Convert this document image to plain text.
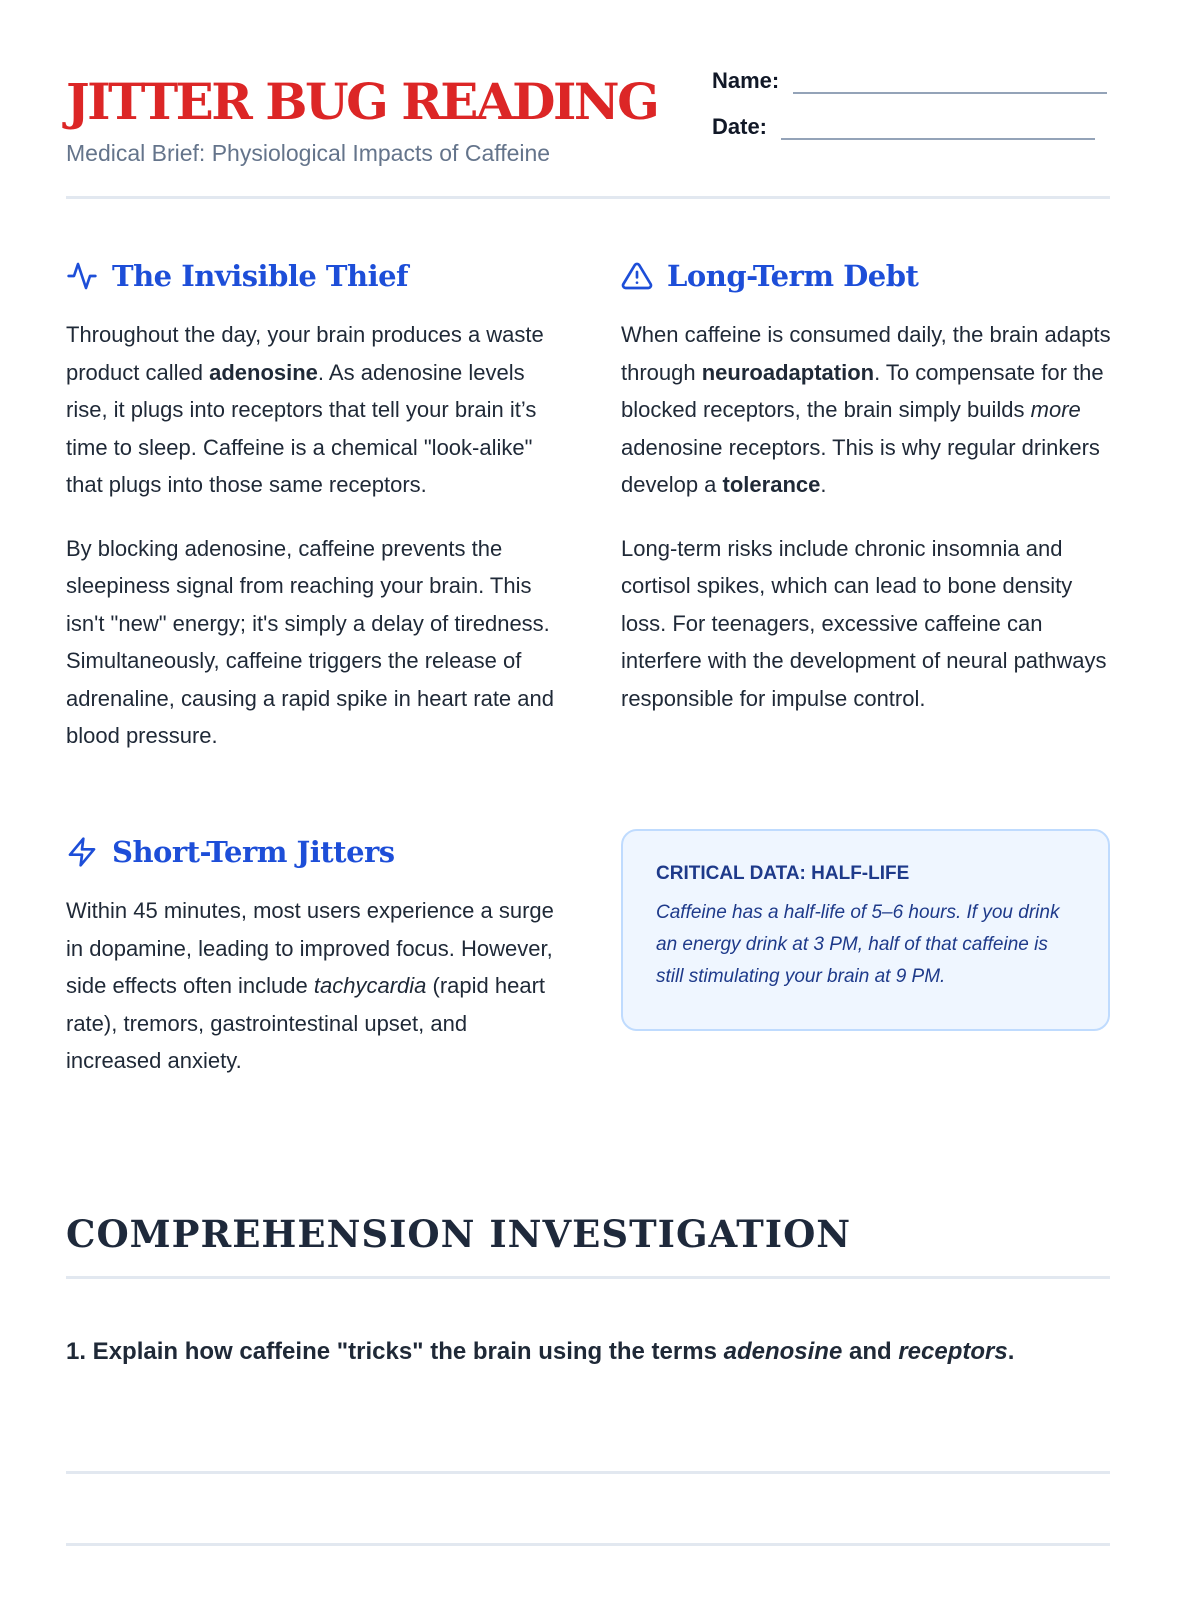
JITTER BUG READING
Medical Brief: Physiological Impacts of Caffeine
Name:
Date:
The Invisible Thief

Throughout the day, your brain produces a waste product called adenosine. As adenosine levels rise, it plugs into receptors that tell your brain it’s time to sleep. Caffeine is a chemical "look-alike" that plugs into those same receptors.

By blocking adenosine, caffeine prevents the sleepiness signal from reaching your brain. This isn't "new" energy; it's simply a delay of tiredness. Simultaneously, caffeine triggers the release of adrenaline, causing a rapid spike in heart rate and blood pressure.

Short-Term Jitters

Within 45 minutes, most users experience a surge in dopamine, leading to improved focus. However, side effects often include tachycardia (rapid heart rate), tremors, gastrointestinal upset, and increased anxiety.

Long-Term Debt

When caffeine is consumed daily, the brain adapts through neuroadaptation. To compensate for the blocked receptors, the brain simply builds more adenosine receptors. This is why regular drinkers develop a tolerance.

Long-term risks include chronic insomnia and cortisol spikes, which can lead to bone density loss. For teenagers, excessive caffeine can interfere with the development of neural pathways responsible for impulse control.

CRITICAL DATA: HALF-LIFE
Caffeine has a half-life of 5–6 hours. If you drink an energy drink at 3 PM, half of that caffeine is still stimulating your brain at 9 PM.
COMPREHENSION INVESTIGATION
1. Explain how caffeine "tricks" the brain using the terms adenosine and receptors.
